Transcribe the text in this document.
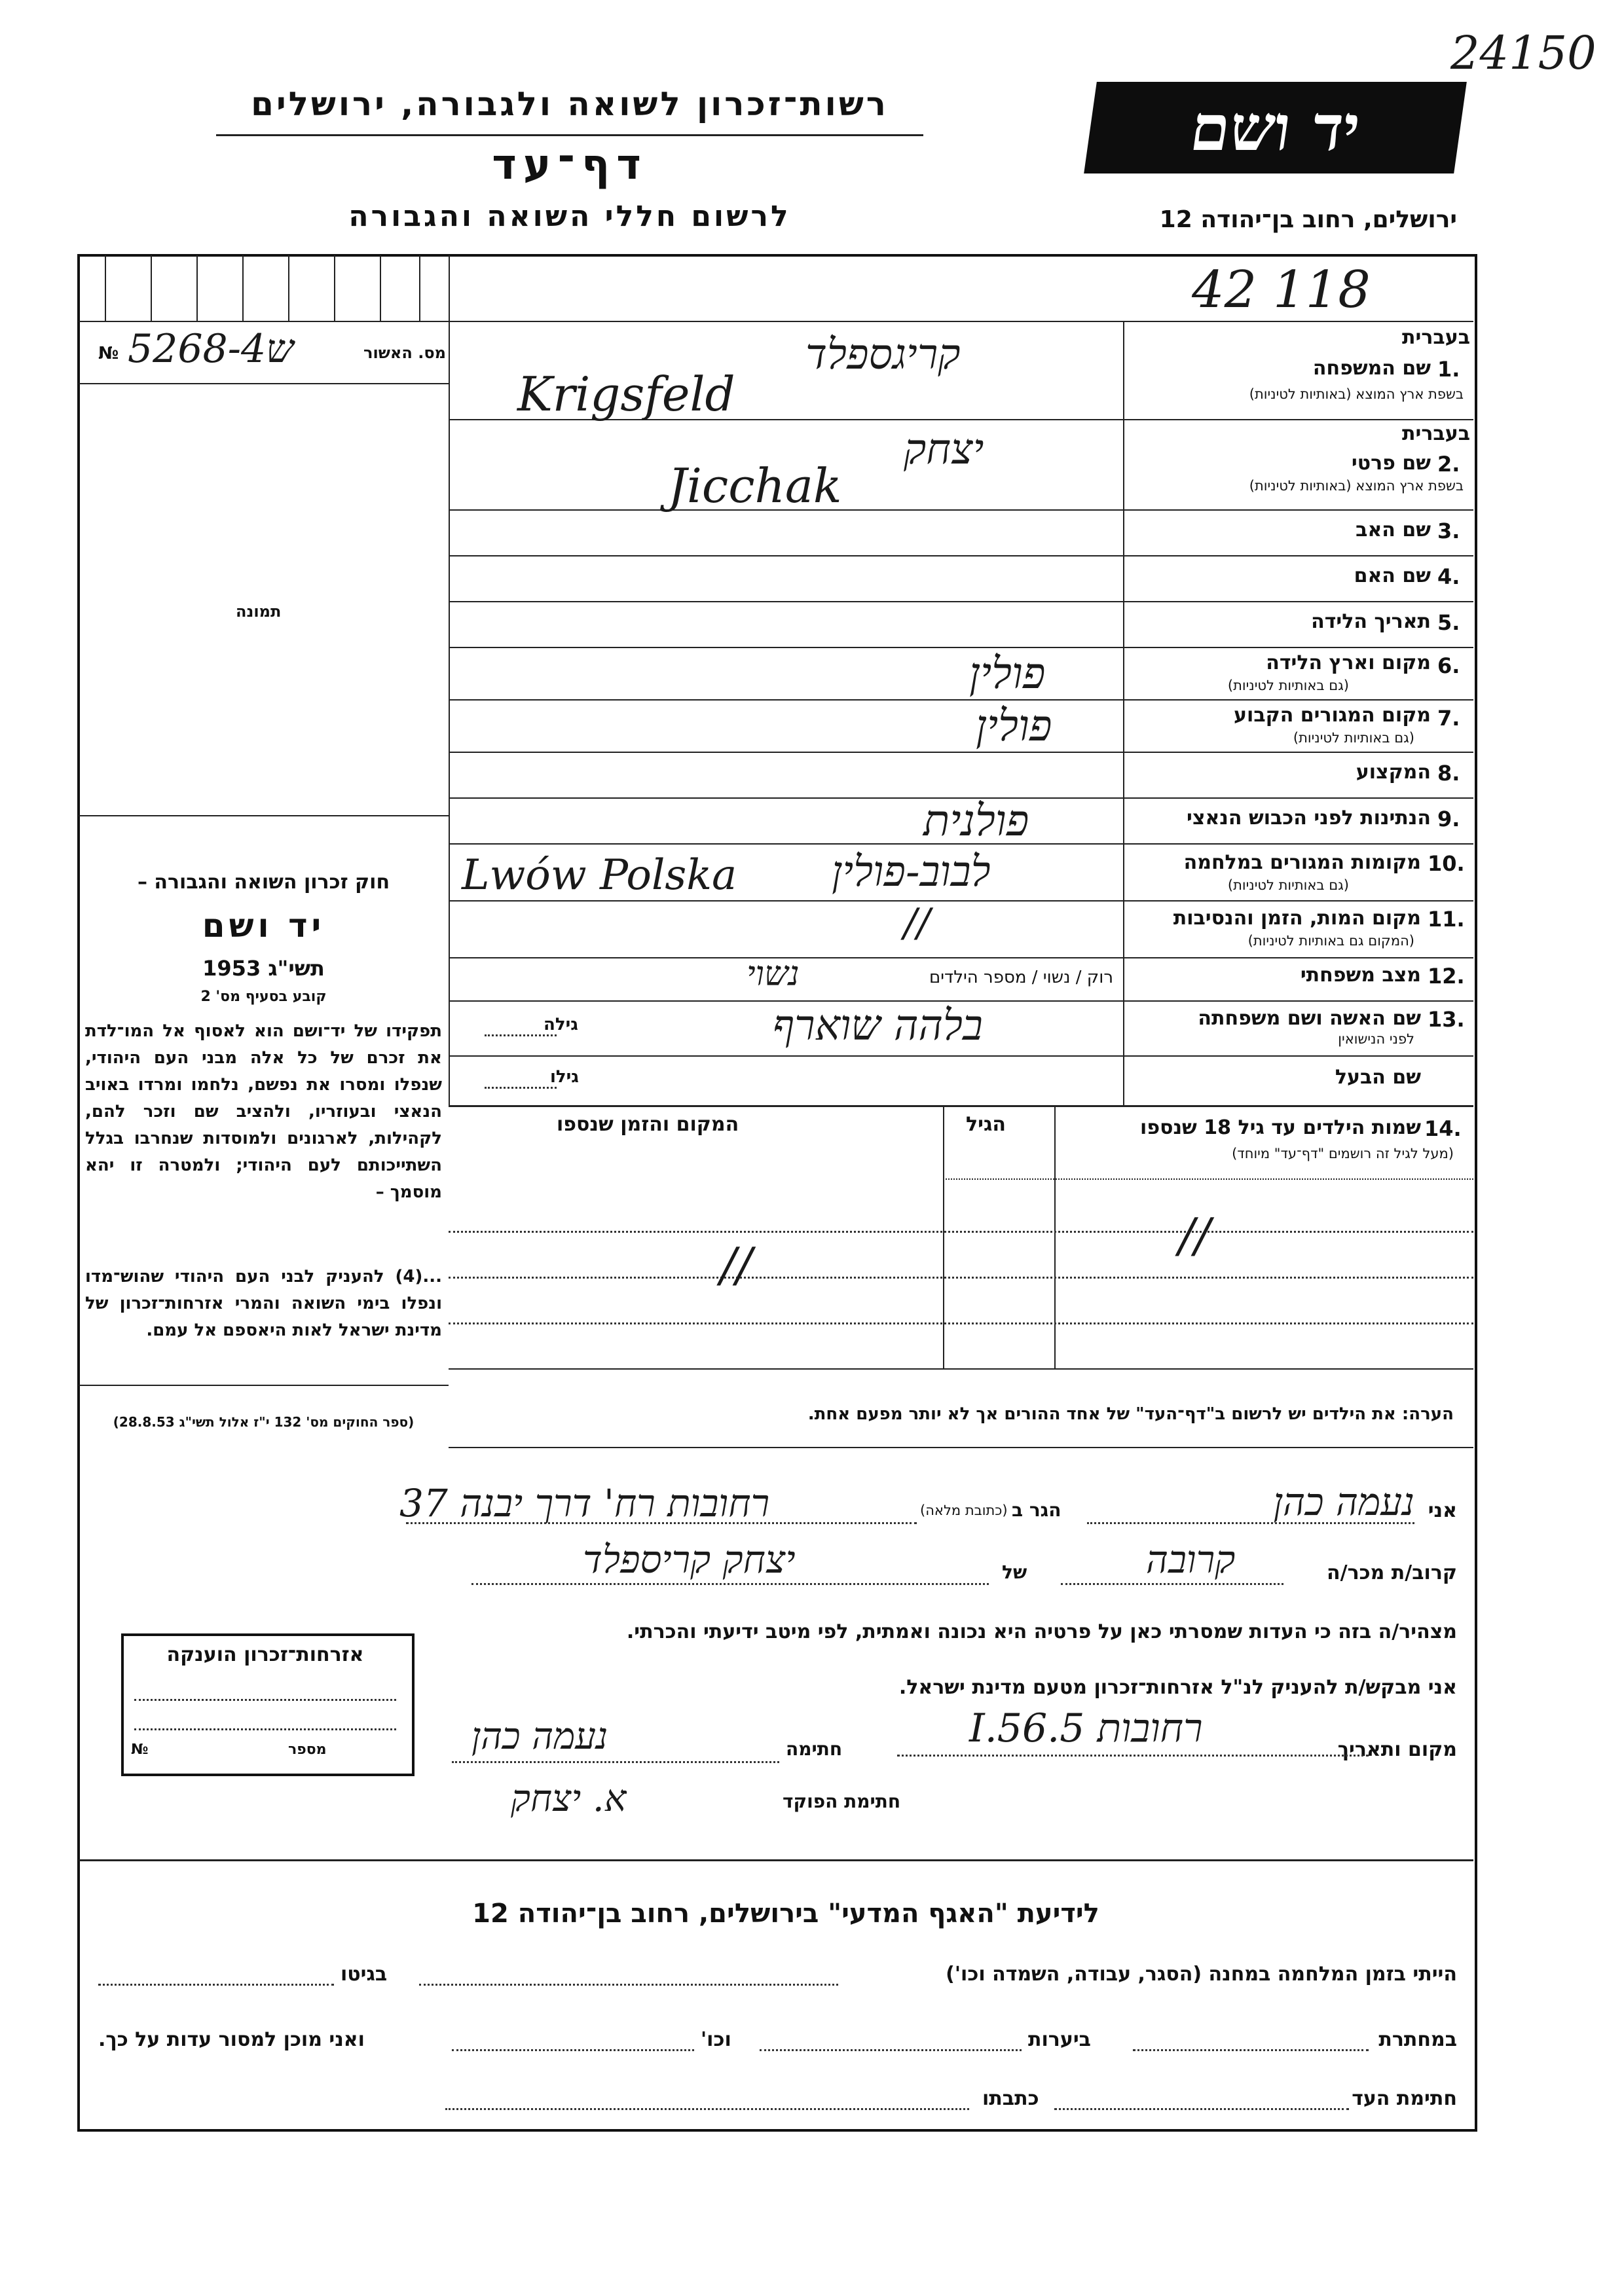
24150
רשות־זכרון לשואה ולגבורה, ירושלים
דף־עד
לרשום חללי השואה והגבורה
יד ושם
ירושלים, רחוב בן־יהודה 12
42 118
מס. האשור
№ 5268-ש4
תמונה
חוק זכרון השואה והגבורה –
יד ושם
תשי"ג 1953
קובע בסעיף מס' 2
תפקידו של יד־ושם הוא לאסוף אל המו־לדת את זכרם של כל אלה מבני העם היהודי, שנפלו ומסרו את נפשם, נלחמו ומרדו באויב הנאצי ובעוזריו, ולהציב שם וזכר להם, לקהילות, לארגונים ולמוסדות שנחרבו בגלל השתייכותם לעם היהודי; ולמטרה זו יהא מוסמך –
...(4) להעניק לבני העם היהודי שהוש־מדו ונפלו בימי השואה והמרי אזרחות־זכרון של מדינת ישראל לאות היאספם אל עמם.
(ספר החוקים מס' 132 י"ז אלול תשי"ג 28.8.53)
בעברית
1.
שם המשפחה
בשפת ארץ המוצא (באותיות לטיניות)
קריגספלד
Krigsfeld
בעברית
2.
שם פרטי
בשפת ארץ המוצא (באותיות לטיניות)
יצחק
Jicchak
3.
שם האב
4.
שם האם
5.
תאריך הלידה
6.
מקום וארץ הלידה
(גם באותיות לטיניות)
פולין
7.
מקום המגורים הקבוע
(גם באותיות לטיניות)
פולין
8.
המקצוע
9.
הנתינות לפני הכבוש הנאצי
פולנית
10.
מקומות המגורים במלחמה
(גם באותיות לטיניות)
לבוב-פולין
Lwów Polska
11.
מקום המות, הזמן והנסיבות
(המקום גם באותיות לטיניות)
//
12.
מצב משפחתי
רוק / נשוי / מספר הילדים
נשוי
13.
שם האשה ושם משפחתה
לפני הנישואין
בלהה שוארף
גילה
שם הבעל
גילו
14.
שמות הילדים עד גיל 18 שנספו
(מעל לגיל זה רושמים "דף־עד" מיוחד)
הגיל
המקום והזמן שנספו
//
//
הערה: את הילדים יש לרשום ב"דף־העד" של אחד ההורים אך לא יותר מפעם אחת.
אני
נעמה כהן
הגר ב
(כתובת מלאה)
רחובות רח' דרך יבנה 37
קרוב/ת מכר/ה
קרובה
של
יצחק קריספלד
מצהיר/ה בזה כי העדות שמסרתי כאן על פרטיה היא נכונה ואמתית, לפי מיטב ידיעתי והכרתי.
אני מבקש/ת להעניק לנ"ל אזרחות־זכרון מטעם מדינת ישראל.
מקום ותאריך
רחובות 5.I.56
חתימה
נעמה כהן
חתימת הפוקד
א. יצחק
אזרחות־זכרון הוענקה
מספר
№
לידיעת "האגף המדעי" בירושלים, רחוב בן־יהודה 12
הייתי בזמן המלחמה במחנה (הסגר, עבודה, השמדה וכו')
בגיטו
במחתרת
ביערות
וכו'
ואני מוכן למסור עדות על כך.
חתימת העד
כתבתו
